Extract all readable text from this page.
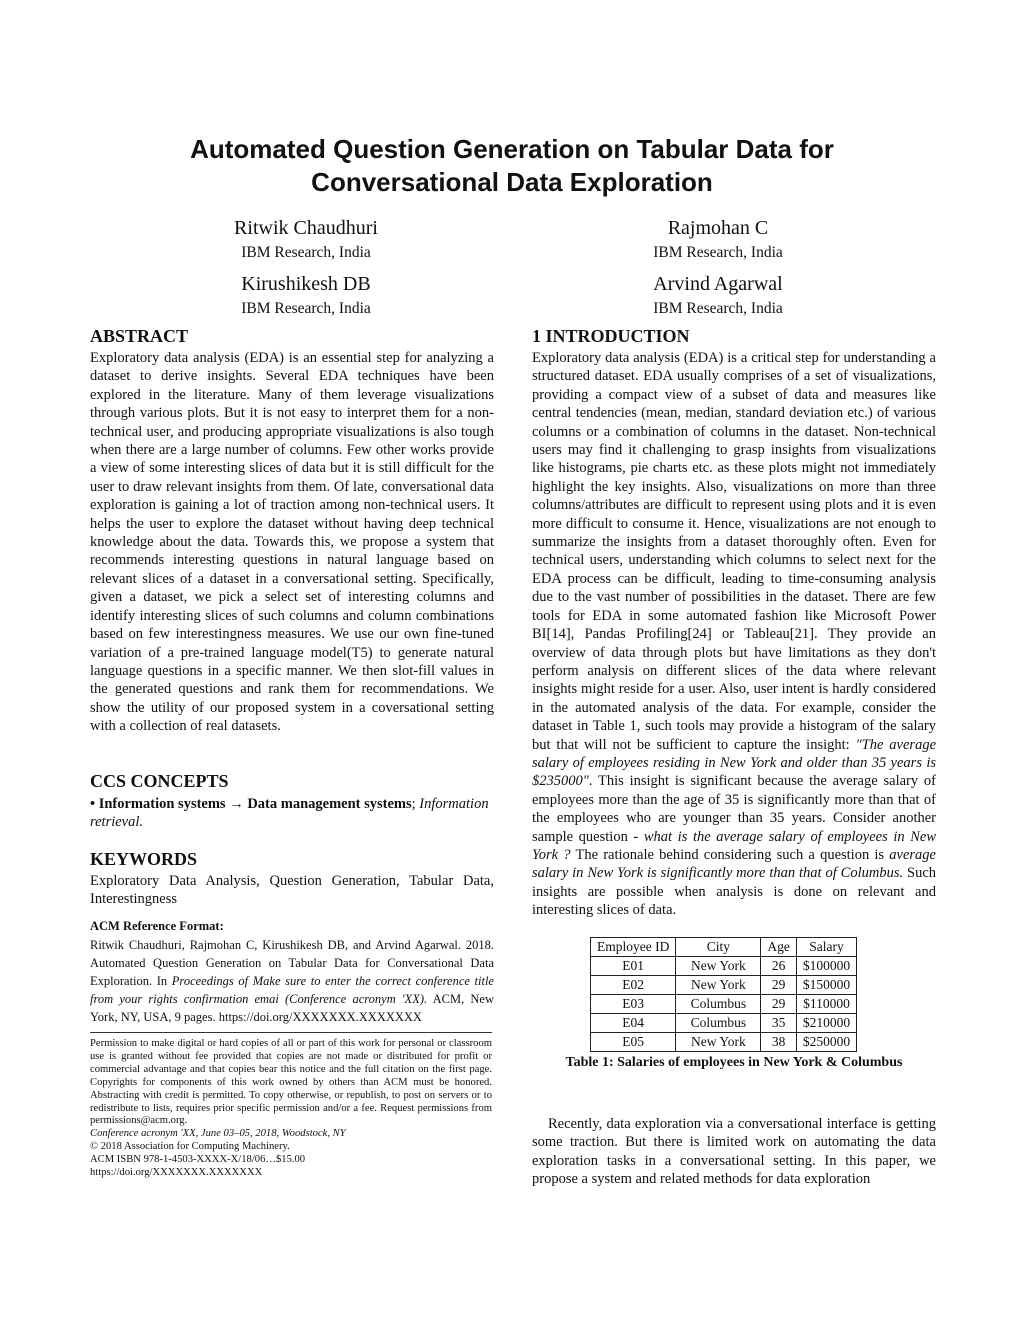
Automated Question Generation on Tabular Data for
Conversational Data Exploration
Ritwik Chaudhuri
IBM Research, India
Rajmohan C
IBM Research, India
Kirushikesh DB
IBM Research, India
Arvind Agarwal
IBM Research, India
ABSTRACT

Exploratory data analysis (EDA) is an essential step for analyzing a dataset to derive insights. Several EDA techniques have been explored in the literature. Many of them leverage visualizations through various plots. But it is not easy to interpret them for a non-technical user, and producing appropriate visualizations is also tough when there are a large number of columns. Few other works provide a view of some interesting slices of data but it is still difficult for the user to draw relevant insights from them. Of late, conversational data exploration is gaining a lot of traction among non-technical users. It helps the user to explore the dataset without having deep technical knowledge about the data. Towards this, we propose a system that recommends interesting questions in natural language based on relevant slices of a dataset in a conversational setting. Specifically, given a dataset, we pick a select set of interesting columns and identify interesting slices of such columns and column combinations based on few interestingness measures. We use our own fine-tuned variation of a pre-trained language model(T5) to generate natural language questions in a specific manner. We then slot-fill values in the generated questions and rank them for recommendations. We show the utility of our proposed system in a coversational setting with a collection of real datasets.

CCS CONCEPTS

• Information systems → Data management systems; Information retrieval.

KEYWORDS

Exploratory Data Analysis, Question Generation, Tabular Data, Interestingness

ACM Reference Format:

Ritwik Chaudhuri, Rajmohan C, Kirushikesh DB, and Arvind Agarwal. 2018. Automated Question Generation on Tabular Data for Conversational Data Exploration. In Proceedings of Make sure to enter the correct conference title from your rights confirmation emai (Conference acronym 'XX). ACM, New York, NY, USA, 9 pages. https://doi.org/XXXXXXX.XXXXXXX

Permission to make digital or hard copies of all or part of this work for personal or classroom use is granted without fee provided that copies are not made or distributed for profit or commercial advantage and that copies bear this notice and the full citation on the first page. Copyrights for components of this work owned by others than ACM must be honored. Abstracting with credit is permitted. To copy otherwise, or republish, to post on servers or to redistribute to lists, requires prior specific permission and/or a fee. Request permissions from permissions@acm.org.
Conference acronym 'XX, June 03–05, 2018, Woodstock, NY
© 2018 Association for Computing Machinery.
ACM ISBN 978-1-4503-XXXX-X/18/06…$15.00
https://doi.org/XXXXXXX.XXXXXXX
1 INTRODUCTION

Exploratory data analysis (EDA) is a critical step for understanding a structured dataset. EDA usually comprises of a set of visualizations, providing a compact view of a subset of data and measures like central tendencies (mean, median, standard deviation etc.) of various columns or a combination of columns in the dataset. Non-technical users may find it challenging to grasp insights from visualizations like histograms, pie charts etc. as these plots might not immediately highlight the key insights. Also, visualizations on more than three columns/attributes are difficult to represent using plots and it is even more difficult to consume it. Hence, visualizations are not enough to summarize the insights from a dataset thoroughly often. Even for technical users, understanding which columns to select next for the EDA process can be difficult, leading to time-consuming analysis due to the vast number of possibilities in the dataset. There are few tools for EDA in some automated fashion like Microsoft Power BI[14], Pandas Profiling[24] or Tableau[21]. They provide an overview of data through plots but have limitations as they don't perform analysis on different slices of the data where relevant insights might reside for a user. Also, user intent is hardly considered in the automated analysis of the data. For example, consider the dataset in Table 1, such tools may provide a histogram of the salary but that will not be sufficient to capture the insight: "The average salary of employees residing in New York and older than 35 years is $235000". This insight is significant because the average salary of employees more than the age of 35 is significantly more than that of the employees who are younger than 35 years. Consider another sample question - what is the average salary of employees in New York ? The rationale behind considering such a question is average salary in New York is significantly more than that of Columbus. Such insights are possible when analysis is done on relevant and interesting slices of data.

Employee ID	City	Age	Salary
E01	New York	26	$100000
E02	New York	29	$150000
E03	Columbus	29	$110000
E04	Columbus	35	$210000
E05	New York	38	$250000
Table 1: Salaries of employees in New York & Columbus

Recently, data exploration via a conversational interface is getting some traction. But there is limited work on automating the data exploration tasks in a conversational setting. In this paper, we propose a system and related methods for data exploration
